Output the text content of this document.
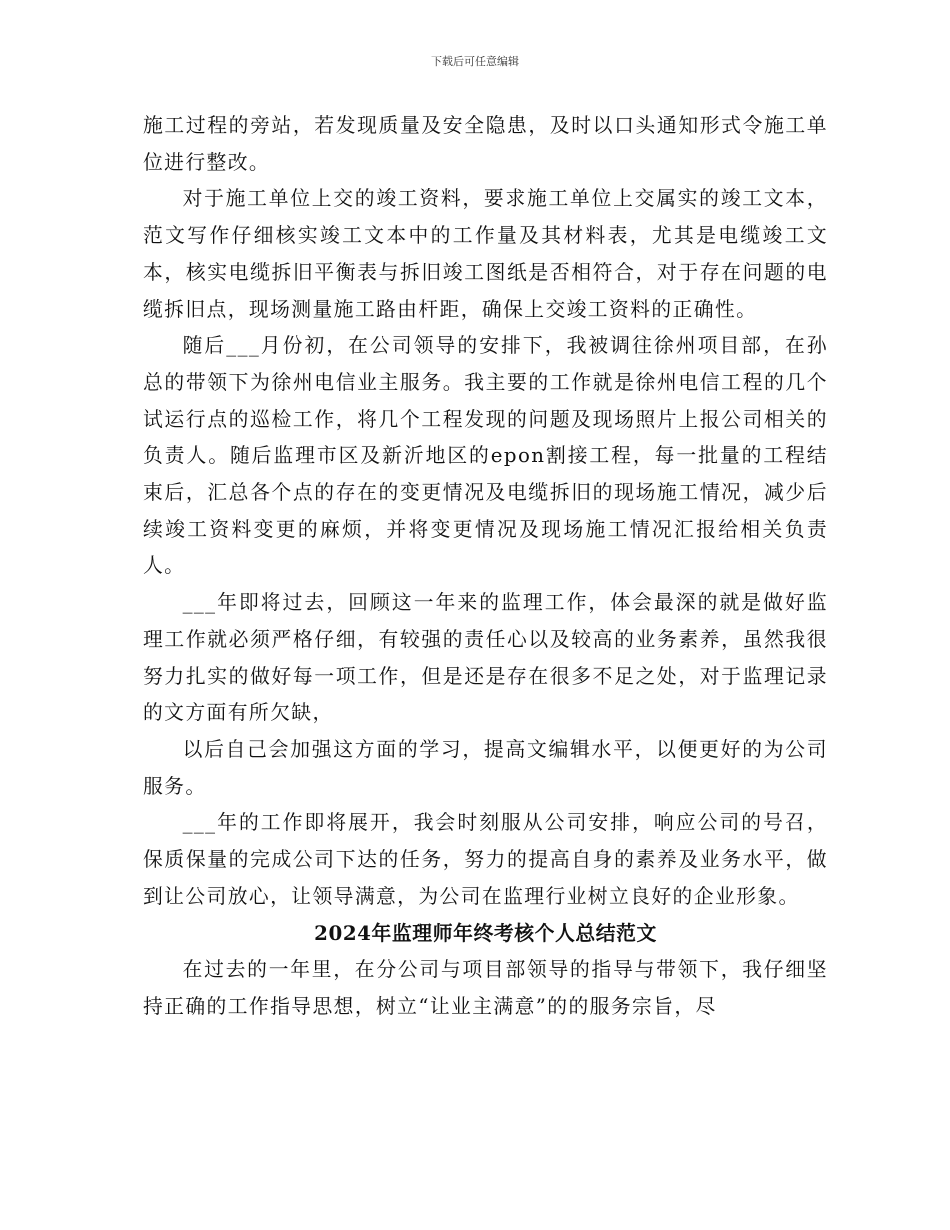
下载后可任意编辑

施工过程的旁站，若发现质量及安全隐患，及时以口头通知形式令施工单位进行整改。

对于施工单位上交的竣工资料，要求施工单位上交属实的竣工文本，范文写作仔细核实竣工文本中的工作量及其材料表，尤其是电缆竣工文本，核实电缆拆旧平衡表与拆旧竣工图纸是否相符合，对于存在问题的电缆拆旧点，现场测量施工路由杆距，确保上交竣工资料的正确性。

随后___月份初，在公司领导的安排下，我被调往徐州项目部，在孙总的带领下为徐州电信业主服务。我主要的工作就是徐州电信工程的几个试运行点的巡检工作，将几个工程发现的问题及现场照片上报公司相关的负责人。随后监理市区及新沂地区的epon割接工程，每一批量的工程结束后，汇总各个点的存在的变更情况及电缆拆旧的现场施工情况，减少后续竣工资料变更的麻烦，并将变更情况及现场施工情况汇报给相关负责人。

___年即将过去，回顾这一年来的监理工作，体会最深的就是做好监理工作就必须严格仔细，有较强的责任心以及较高的业务素养，虽然我很努力扎实的做好每一项工作，但是还是存在很多不足之处，对于监理记录的文方面有所欠缺，

以后自己会加强这方面的学习，提高文编辑水平，以便更好的为公司服务。

___年的工作即将展开，我会时刻服从公司安排，响应公司的号召，保质保量的完成公司下达的任务，努力的提高自身的素养及业务水平，做到让公司放心，让领导满意，为公司在监理行业树立良好的企业形象。

2024年监理师年终考核个人总结范文

在过去的一年里，在分公司与项目部领导的指导与带领下，我仔细坚持正确的工作指导思想，树立“让业主满意”的的服务宗旨，尽
